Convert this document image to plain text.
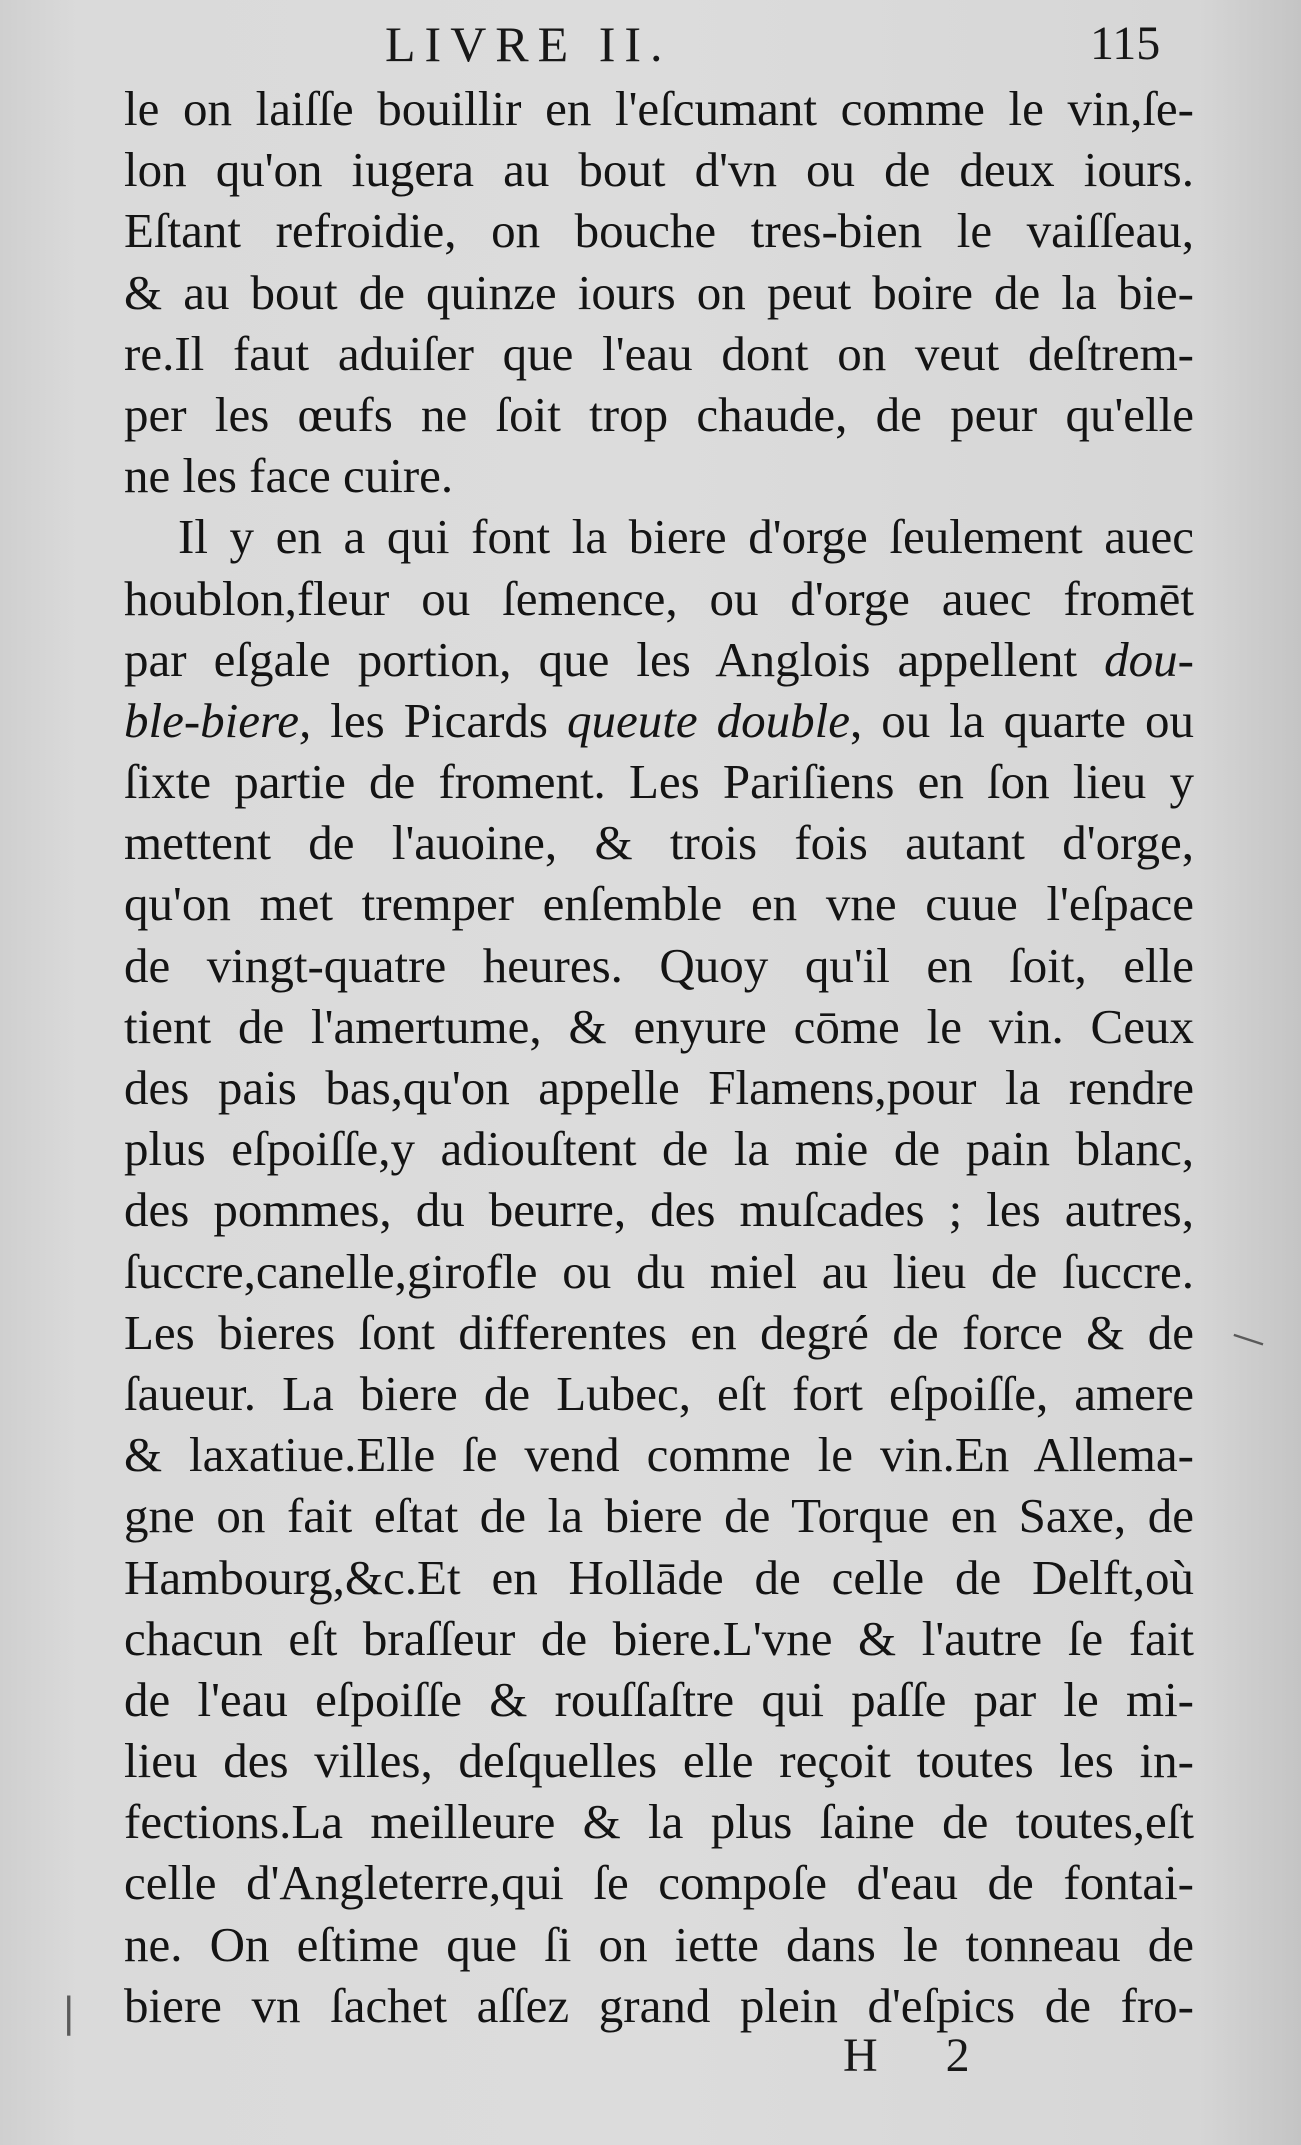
LIVRE II.	115
le on laiſſe bouillir en l'eſcumant comme le vin,ſe-
lon qu'on iugera au bout d'vn ou de deux iours.
Eſtant refroidie, on bouche tres-bien le vaiſſeau,
& au bout de quinze iours on peut boire de la bie-
re.Il faut aduiſer que l'eau dont on veut deſtrem-
per les œufs ne ſoit trop chaude, de peur qu'elle
ne les face cuire.
Il y en a qui font la biere d'orge ſeulement auec
houblon,fleur ou ſemence, ou d'orge auec fromēt
par eſgale portion, que les Anglois appellent dou-
ble-biere, les Picards queute double, ou la quarte ou
ſixte partie de froment. Les Pariſiens en ſon lieu y
mettent de l'auoine, & trois fois autant d'orge,
qu'on met tremper enſemble en vne cuue l'eſpace
de vingt-quatre heures. Quoy qu'il en ſoit, elle
tient de l'amertume, & enyure cōme le vin. Ceux
des pais bas,qu'on appelle Flamens,pour la rendre
plus eſpoiſſe,y adiouſtent de la mie de pain blanc,
des pommes, du beurre, des muſcades ; les autres,
ſuccre,canelle,girofle ou du miel au lieu de ſuccre.
Les bieres ſont differentes en degré de force & de
ſaueur. La biere de Lubec, eſt fort eſpoiſſe, amere
& laxatiue.Elle ſe vend comme le vin.En Allema-
gne on fait eſtat de la biere de Torque en Saxe, de
Hambourg,&c.Et en Hollāde de celle de Delft,où
chacun eſt braſſeur de biere.L'vne & l'autre ſe fait
de l'eau eſpoiſſe & rouſſaſtre qui paſſe par le mi-
lieu des villes, deſquelles elle reçoit toutes les in-
fections.La meilleure & la plus ſaine de toutes,eſt
celle d'Angleterre,qui ſe compoſe d'eau de fontai-
ne. On eſtime que ſi on iette dans le tonneau de
biere vn ſachet aſſez grand plein d'eſpics de fro-
H 2
—
|
